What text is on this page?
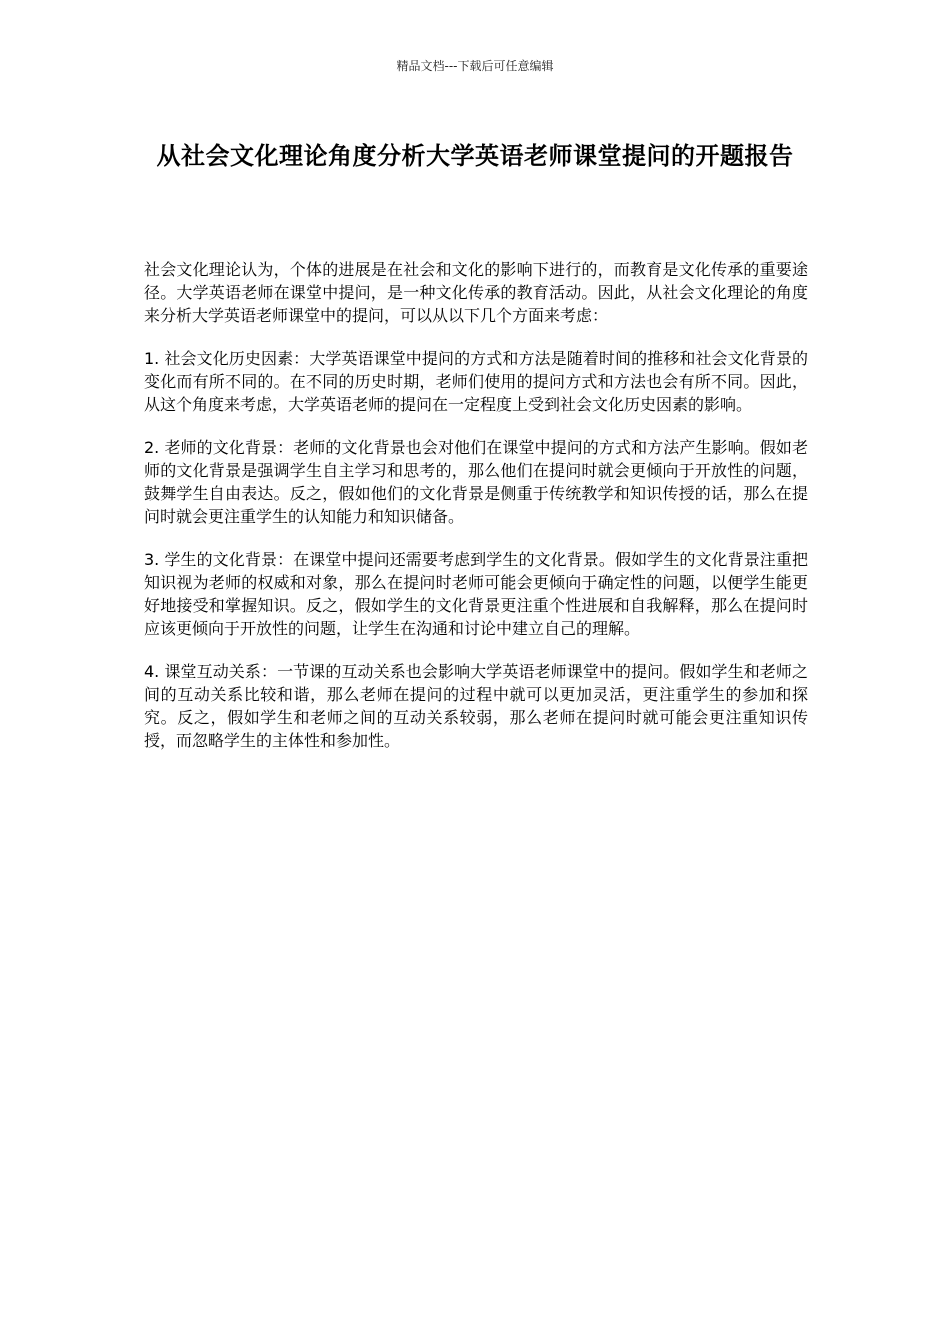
精品文档---下载后可任意编辑
从社会文化理论角度分析大学英语老师课堂提问的开题报告

社会文化理论认为，个体的进展是在社会和文化的影响下进行的，而教育是文化传承的重要途径。大学英语老师在课堂中提问，是一种文化传承的教育活动。因此，从社会文化理论的角度来分析大学英语老师课堂中的提问，可以从以下几个方面来考虑：

1. 社会文化历史因素：大学英语课堂中提问的方式和方法是随着时间的推移和社会文化背景的变化而有所不同的。在不同的历史时期，老师们使用的提问方式和方法也会有所不同。因此，从这个角度来考虑，大学英语老师的提问在一定程度上受到社会文化历史因素的影响。

2. 老师的文化背景：老师的文化背景也会对他们在课堂中提问的方式和方法产生影响。假如老师的文化背景是强调学生自主学习和思考的，那么他们在提问时就会更倾向于开放性的问题，鼓舞学生自由表达。反之，假如他们的文化背景是侧重于传统教学和知识传授的话，那么在提问时就会更注重学生的认知能力和知识储备。

3. 学生的文化背景：在课堂中提问还需要考虑到学生的文化背景。假如学生的文化背景注重把知识视为老师的权威和对象，那么在提问时老师可能会更倾向于确定性的问题，以便学生能更好地接受和掌握知识。反之，假如学生的文化背景更注重个性进展和自我解释，那么在提问时应该更倾向于开放性的问题，让学生在沟通和讨论中建立自己的理解。

4. 课堂互动关系：一节课的互动关系也会影响大学英语老师课堂中的提问。假如学生和老师之间的互动关系比较和谐，那么老师在提问的过程中就可以更加灵活，更注重学生的参加和探究。反之，假如学生和老师之间的互动关系较弱，那么老师在提问时就可能会更注重知识传授，而忽略学生的主体性和参加性。
